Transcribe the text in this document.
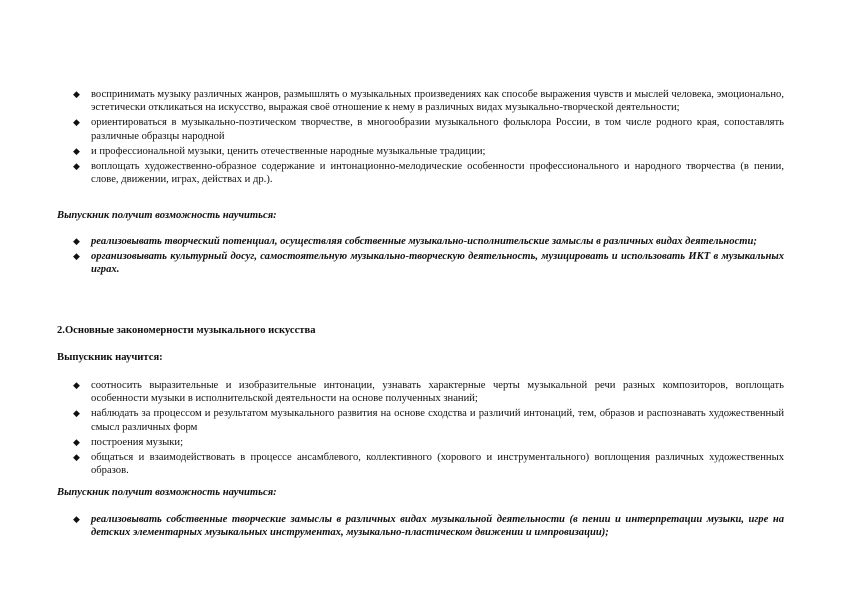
◆ воспринимать музыку различных жанров, размышлять о музыкальных произведениях как способе выражения чувств и мыслей человека, эмоционально, эстетически откликаться на искусство, выражая своё отношение к нему в различных видах музыкально-творческой деятельности;
◆ ориентироваться в музыкально-поэтическом творчестве, в многообразии музыкального фольклора России, в том числе родного края, сопоставлять различные образцы народной
◆ и профессиональной музыки, ценить отечественные народные музыкальные традиции;
◆ воплощать художественно-образное содержание и интонационно-мелодические особенности профессионального и народного творчества (в пении, слове, движении, играх, действах и др.).

Выпускник получит возможность научиться:

◆ реализовывать творческий потенциал, осуществляя собственные музыкально-исполнительские замыслы в различных видах деятельности;
◆ организовывать культурный досуг, самостоятельную музыкально-творческую деятельность, музицировать и использовать ИКТ в музыкальных играх.

2.Основные закономерности музыкального искусства

Выпускник научится:

◆ соотносить выразительные и изобразительные интонации, узнавать характерные черты музыкальной речи разных композиторов, воплощать особенности музыки в исполнительской деятельности на основе полученных знаний;
◆ наблюдать за процессом и результатом музыкального развития на основе сходства и различий интонаций, тем, образов и распознавать художественный смысл различных форм
◆ построения музыки;
◆ общаться и взаимодействовать в процессе ансамблевого, коллективного (хорового и инструментального) воплощения различных художественных образов.

Выпускник получит возможность научиться:

◆ реализовывать собственные творческие замыслы в различных видах музыкальной деятельности (в пении и интерпретации музыки, игре на детских элементарных музыкальных инструментах, музыкально-пластическом движении и импровизации);
